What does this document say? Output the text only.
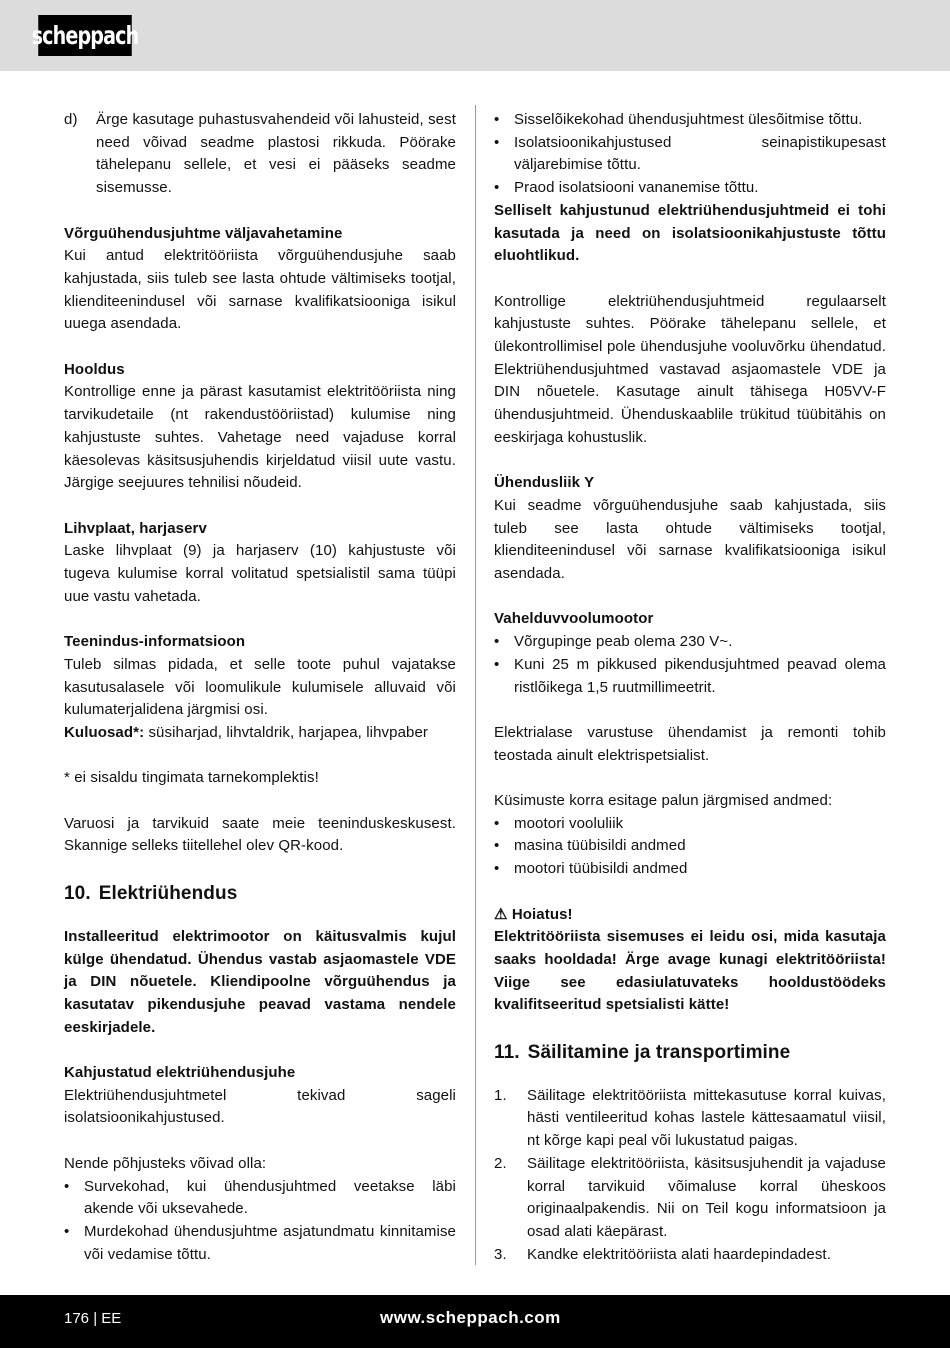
scheppach
d)	Ärge kasutage puhastusvahendeid või lahusteid, sest need võivad seadme plastosi rikkuda. Pöörake tähelepanu sellele, et vesi ei pääseks seadme sisemusse.
Võrguühendusjuhtme väljavahetamine
Kui antud elektritööriista võrguühendusjuhe saab kahjustada, siis tuleb see lasta ohtude vältimiseks tootjal, klienditeenindusel või sarnase kvalifikatsiooniga isikul uuega asendada.
Hooldus
Kontrollige enne ja pärast kasutamist elektritööriista ning tarvikudetaile (nt rakendustööriistad) kulumise ning kahjustuste suhtes. Vahetage need vajaduse korral käesolevas käsitsusjuhendis kirjeldatud viisil uute vastu. Järgige seejuures tehnilisi nõudeid.
Lihvplaat, harjaserv
Laske lihvplaat (9) ja harjaserv (10) kahjustuste või tugeva kulumise korral volitatud spetsialistil sama tüüpi uue vastu vahetada.
Teenindus-informatsioon
Tuleb silmas pidada, et selle toote puhul vajatakse kasutusalasele või loomulikule kulumisele alluvaid või kulumaterjalidena järgmisi osi.
Kuluosad*: süsiharjad, lihvtaldrik, harjapea, lihvpaber
* ei sisaldu tingimata tarnekomplektis!
Varuosi ja tarvikuid saate meie teeninduskeskusest. Skannige selleks tiitellehel olev QR-kood.
10. Elektriühendus
Installeeritud elektrimootor on käitusvalmis kujul külge ühendatud. Ühendus vastab asjaomastele VDE ja DIN nõuetele. Kliendipoolne võrguühendus ja kasutatav pikendusjuhe peavad vastama nendele eeskirjadele.
Kahjustatud elektriühendusjuhe
Elektriühendusjuhtmetel tekivad sageli isolatsioonikahjustused.
Nende põhjusteks võivad olla:
• Survekohad, kui ühendusjuhtmed veetakse läbi akende või uksevahede.
• Murdekohad ühendusjuhtme asjatundmatu kinnitamise või vedamise tõttu.
• Sisselõikekohad ühendusjuhtmest ülesõitmise tõttu.
• Isolatsioonikahjustused seinapistikupesast väljarebimise tõttu.
• Praod isolatsiooni vananemise tõttu.
Selliselt kahjustunud elektriühendusjuhtmeid ei tohi kasutada ja need on isolatsioonikahjustuste tõttu eluohtlikud.
Kontrollige elektriühendusjuhtmeid regulaarselt kahjustuste suhtes. Pöörake tähelepanu sellele, et ülekontrollimisel pole ühendusjuhe vooluvõrku ühendatud. Elektriühendusjuhtmed vastavad asjaomastele VDE ja DIN nõuetele. Kasutage ainult tähisega H05VV-F ühendusjuhtmeid. Ühenduskaablile trükitud tüübitähis on eeskirjaga kohustuslik.
Ühendusliik Y
Kui seadme võrguühendusjuhe saab kahjustada, siis tuleb see lasta ohtude vältimiseks tootjal, klienditeenindusel või sarnase kvalifikatsiooniga isikul asendada.
Vahelduvvoolumootor
• Võrgupinge peab olema 230 V~.
• Kuni 25 m pikkused pikendusjuhtmed peavad olema ristlõikega 1,5 ruutmillimeetrit.
Elektrialase varustuse ühendamist ja remonti tohib teostada ainult elektrispetsialist.
Küsimuste korra esitage palun järgmised andmed:
• mootori vooluliik
• masina tüübisildi andmed
• mootori tüübisildi andmed
⚠ Hoiatus!
Elektritööriista sisemuses ei leidu osi, mida kasutaja saaks hooldada! Ärge avage kunagi elektritööriista! Viige see edasiulatuvateks hooldustöödeks kvalifitseeritud spetsialisti kätte!
11. Säilitamine ja transportimine
1.	Säilitage elektritööriista mittekasutuse korral kuivas, hästi ventileeritud kohas lastele kättesaamatul viisil, nt kõrge kapi peal või lukustatud paigas.
2.	Säilitage elektritööriista, käsitsusjuhendit ja vajaduse korral tarvikuid võimaluse korral üheskoos originaalpakendis. Nii on Teil kogu informatsioon ja osad alati käepärast.
3.	Kandke elektritööriista alati haardepindadest.
176 | EE	www.scheppach.com
